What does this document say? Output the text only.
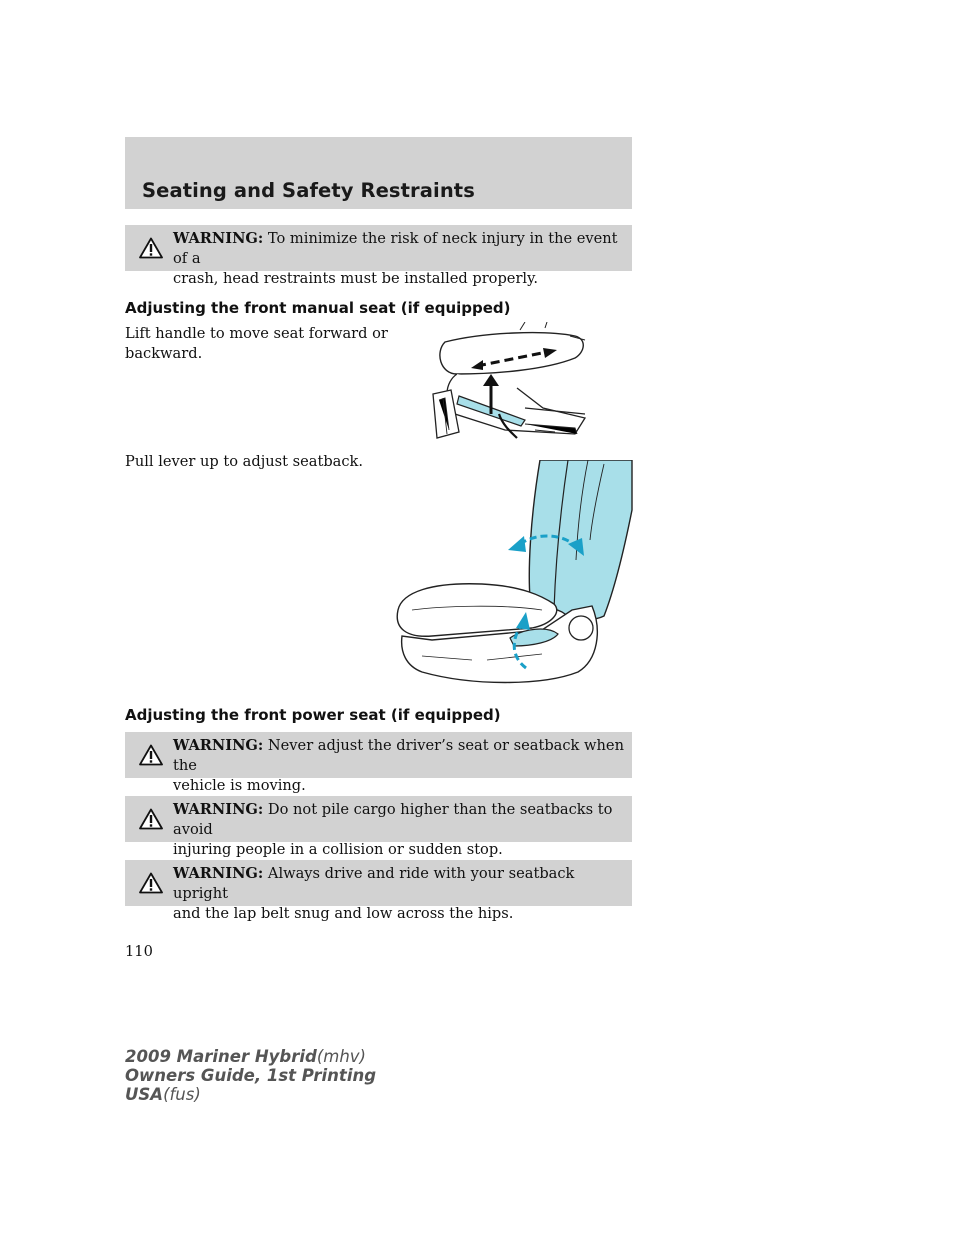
Seating and Safety Restraints
WARNING: To minimize the risk of neck injury in the event of a
crash, head restraints must be installed properly.
Adjusting the front manual seat (if equipped)
Lift handle to move seat forward or
backward.
Pull lever up to adjust seatback.
Adjusting the front power seat (if equipped)
WARNING: Never adjust the driver’s seat or seatback when the
vehicle is moving.
WARNING: Do not pile cargo higher than the seatbacks to avoid
injuring people in a collision or sudden stop.
WARNING: Always drive and ride with your seatback upright
and the lap belt snug and low across the hips.
110
2009 Mariner Hybrid(mhv)
Owners Guide, 1st Printing
USA(fus)
